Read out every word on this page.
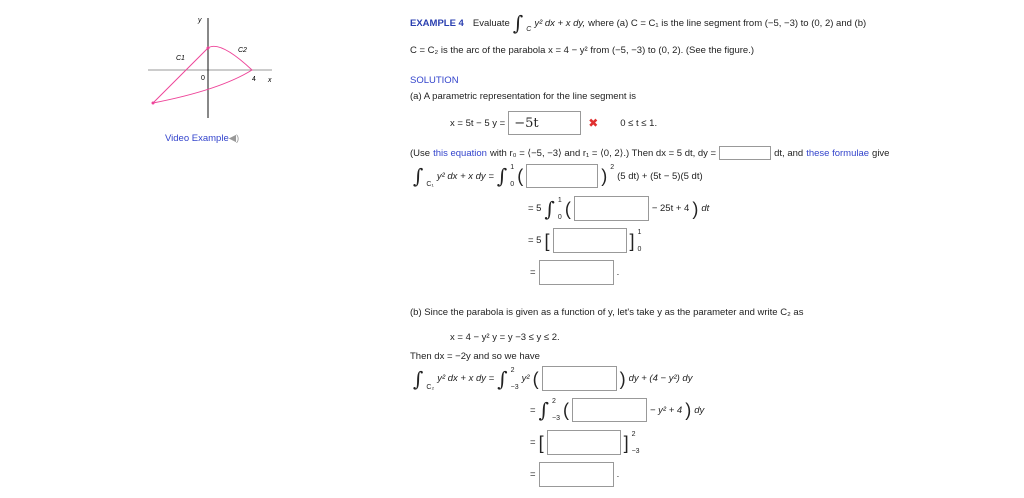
y
x
0	4
C1
C2
Video Example◀)
EXAMPLE 4 Evaluate ∫ C
y² dx + x dy, where (a) C = C₁ is the line segment from (−5, −3) to (0, 2) and (b)
C = C₂ is the arc of the parabola x = 4 − y² from (−5, −3) to (0, 2). (See the figure.)
SOLUTION
(a) A parametric representation for the line segment is
x = 5t − 5 y = −5t	✖ 0 ≤ t ≤ 1.
(Use this equation with r₀ = ⟨−5, −3⟩ and r₁ = ⟨0, 2⟩.) Then dx = 5 dt, dy =	dt, and these formulae give
∫ C₁
y² dx + x dy = ∫ 1
0 (	) 2
(5 dt) + (5t − 5)(5 dt)
= 5 ∫ 1
0 (	− 25t + 4 ) dt
= 5 [	] 1
0
=	.
(b) Since the parabola is given as a function of y, let's take y as the parameter and write C₂ as
x = 4 − y² y = y −3 ≤ y ≤ 2.
Then dx = −2y and so we have
∫ C₂
y² dx + x dy = ∫ 2
−3
y² (	) dy + (4 − y²) dy
= ∫ 2
−3 (	− y² + 4 ) dy
= [	] 2
−3
=	.
